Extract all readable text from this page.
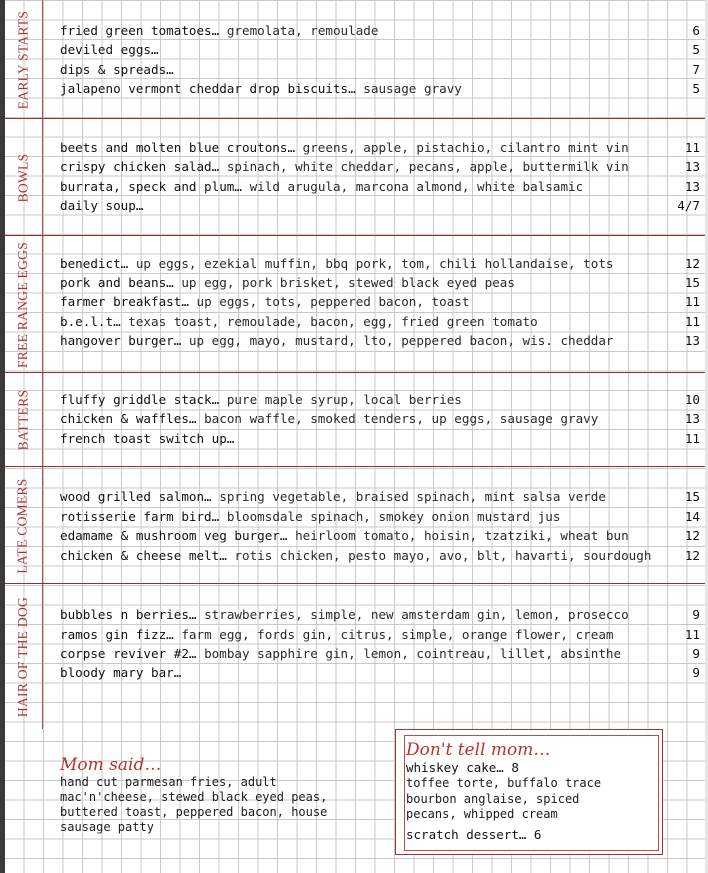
EARLY STARTS fried green tomatoes… gremolata, remoulade	6
deviled eggs…	5
dips & spreads…	7
jalapeno vermont cheddar drop biscuits… sausage gravy	5
BOWLS
beets and molten blue croutons… greens, apple, pistachio, cilantro mint vin	11
crispy chicken salad… spinach, white cheddar, pecans, apple, buttermilk vin	13
burrata, speck and plum… wild arugula, marcona almond, white balsamic	13
daily soup…	4/7
FREE RANGE EGGS benedict… up eggs, ezekial muffin, bbq pork, tom, chili hollandaise, tots	12
pork and beans… up egg, pork brisket, stewed black eyed peas	15
farmer breakfast… up eggs, tots, peppered bacon, toast	11
b.e.l.t… texas toast, remoulade, bacon, egg, fried green tomato	11
hangover burger… up egg, mayo, mustard, lto, peppered bacon, wis. cheddar	13
BATTERS fluffy griddle stack… pure maple syrup, local berries	10
chicken & waffles… bacon waffle, smoked tenders, up eggs, sausage gravy	13
french toast switch up…	11
LATE COMERS wood grilled salmon… spring vegetable, braised spinach, mint salsa verde	15
rotisserie farm bird… bloomsdale spinach, smokey onion mustard jus	14
edamame & mushroom veg burger… heirloom tomato, hoisin, tzatziki, wheat bun	12
chicken & cheese melt… rotis chicken, pesto mayo, avo, blt, havarti, sourdough	12
HAIR OF THE DOG bubbles n berries… strawberries, simple, new amsterdam gin, lemon, prosecco	9
ramos gin fizz… farm egg, fords gin, citrus, simple, orange flower, cream	11
corpse reviver #2… bombay sapphire gin, lemon, cointreau, lillet, absinthe	9
bloody mary bar…	9
Mom said…
hand cut parmesan fries, adult
mac'n'cheese, stewed black eyed peas,
buttered toast, peppered bacon, house
sausage patty
Don't tell mom…
whiskey cake… 8
toffee torte, buffalo trace
bourbon anglaise, spiced
pecans, whipped cream
scratch dessert… 6
